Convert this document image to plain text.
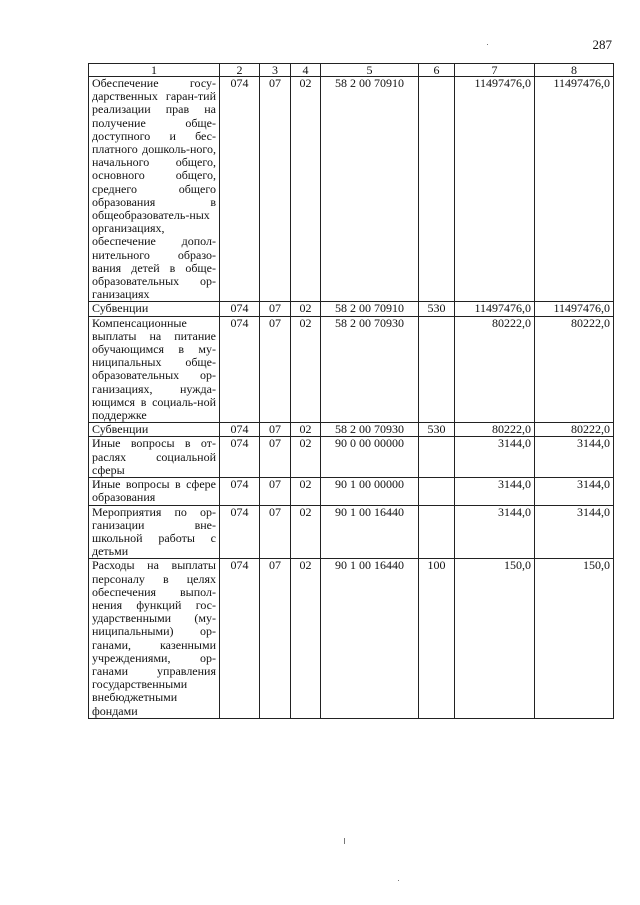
287
1	2	3	4	5	6	7	8
Обеспечение госу-дарственных гаран-тий реализации прав на получение обще-доступного и бес-платного дошколь-ного, начального общего, основного общего, среднего общего образования в общеобразователь-ных организациях, обеспечение допол-нительного образо-вания детей в обще-образовательных ор-ганизациях	074	07	02	58 2 00 70910		11497476,0	11497476,0
Субвенции	074	07	02	58 2 00 70910	530	11497476,0	11497476,0
Компенсационные выплаты на питание обучающимся в му-ниципальных обще-образовательных ор-ганизациях, нужда-ющимся в социаль-ной поддержке	074	07	02	58 2 00 70930		80222,0	80222,0
Субвенции	074	07	02	58 2 00 70930	530	80222,0	80222,0
Иные вопросы в от-раслях социальной сферы	074	07	02	90 0 00 00000		3144,0	3144,0
Иные вопросы в сфере образования	074	07	02	90 1 00 00000		3144,0	3144,0
Мероприятия по ор-ганизации вне-школьной работы с детьми	074	07	02	90 1 00 16440		3144,0	3144,0
Расходы на выплаты персоналу в целях обеспечения выпол-нения функций гос-ударственными (му-ниципальными) ор-ганами, казенными учреждениями, ор-ганами управления государственными внебюджетными фондами	074	07	02	90 1 00 16440	100	150,0	150,0
